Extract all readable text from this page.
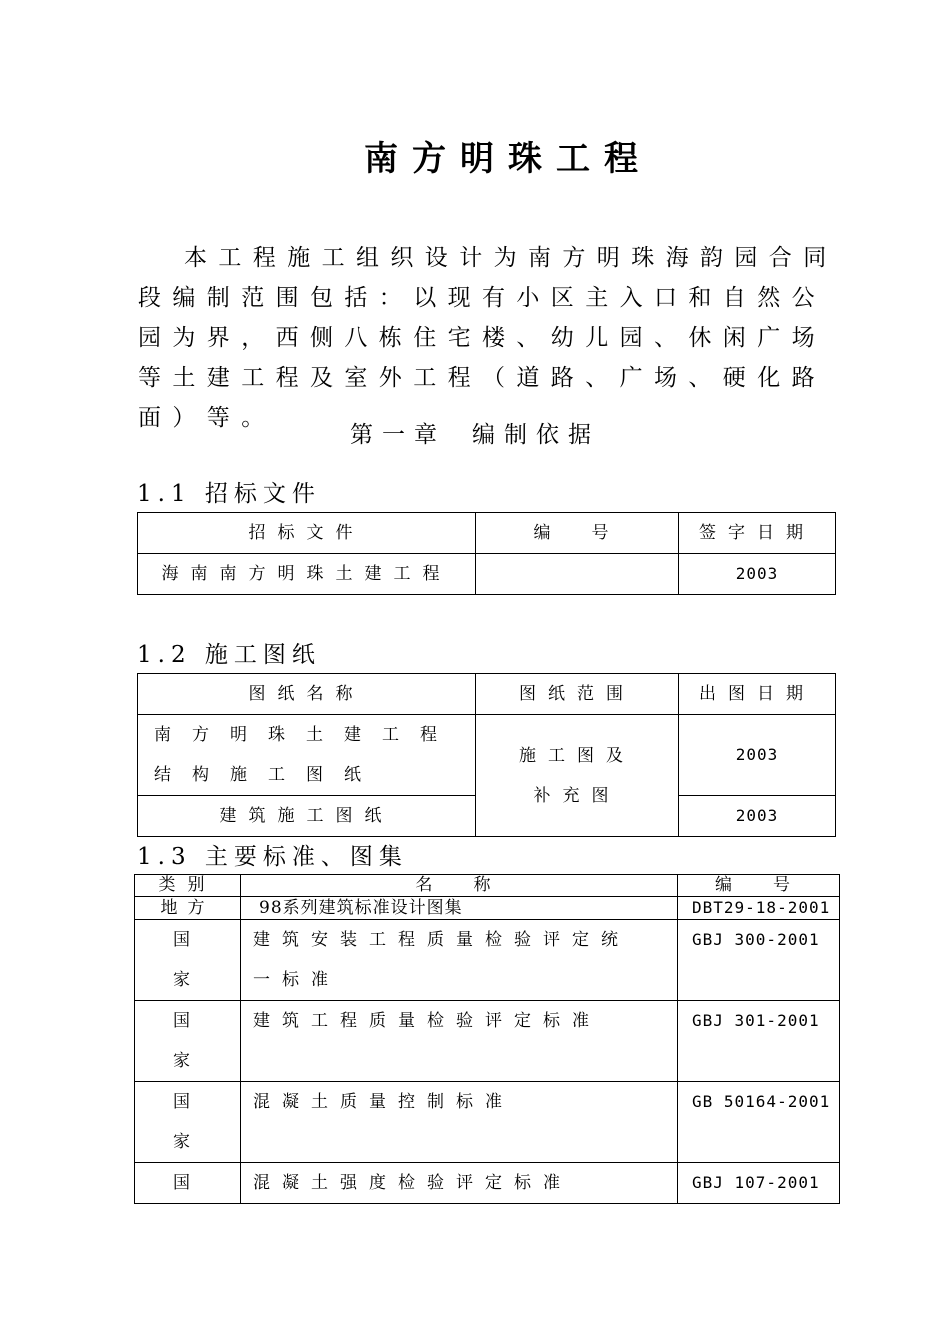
南方明珠工程
本工程施工组织设计为南方明珠海韵园合同段编制范围包括：以现有小区主入口和自然公园为界，西侧八栋住宅楼、幼儿园、休闲广场等土建工程及室外工程（道路、广场、硬化路面）等。
第一章 编制依据
1.1 招标文件
招标文件	编　号	签字日期
海南南方明珠土建工程		2003
1.2 施工图纸
图纸名称	图纸范围	出图日期
南方明珠土建工程结构施工图纸	施工图及补充图	2003
建筑施工图纸		2003
1.3 主要标准、图集
类别	名　称	编　号
地方	98系列建筑标准设计图集	DBT29-18-2001
国家	建筑安装工程质量检验评定统一标准	GBJ 300-2001
国家	建筑工程质量检验评定标准	GBJ 301-2001
国家	混凝土质量控制标准	GB 50164-2001
国	混凝土强度检验评定标准	GBJ 107-2001
